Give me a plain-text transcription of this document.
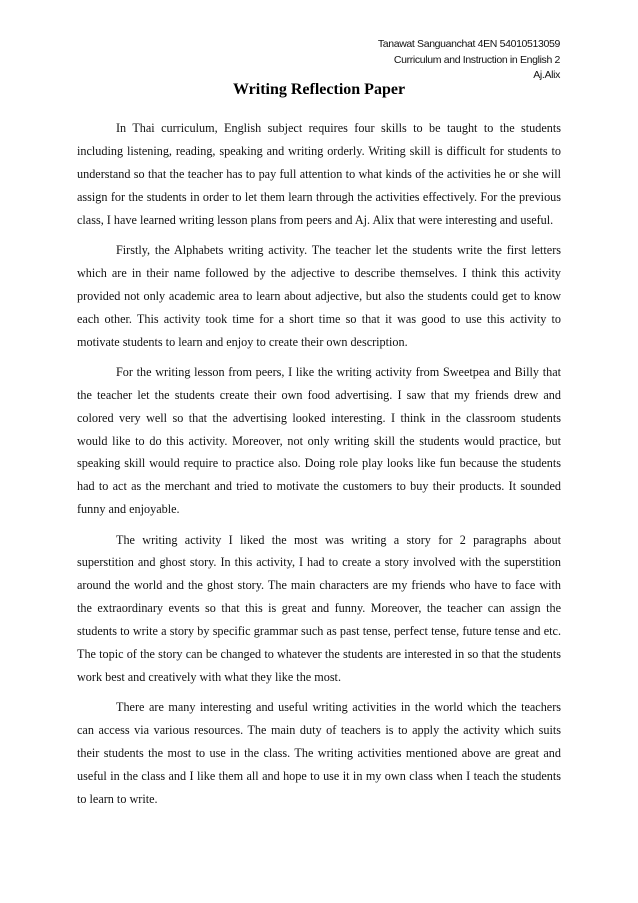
Tanawat Sanguanchat 4EN 54010513059
Curriculum and Instruction in English 2
Aj.Alix
Writing Reflection Paper

In Thai curriculum, English subject requires four skills to be taught to the students including listening, reading, speaking and writing orderly. Writing skill is difficult for students to understand so that the teacher has to pay full attention to what kinds of the activities he or she will assign for the students in order to let them learn through the activities effectively. For the previous class, I have learned writing lesson plans from peers and Aj. Alix that were interesting and useful.

Firstly, the Alphabets writing activity. The teacher let the students write the first letters which are in their name followed by the adjective to describe themselves. I think this activity provided not only academic area to learn about adjective, but also the students could get to know each other. This activity took time for a short time so that it was good to use this activity to motivate students to learn and enjoy to create their own description.

For the writing lesson from peers, I like the writing activity from Sweetpea and Billy that the teacher let the students create their own food advertising. I saw that my friends drew and colored very well so that the advertising looked interesting. I think in the classroom students would like to do this activity. Moreover, not only writing skill the students would practice, but speaking skill would require to practice also. Doing role play looks like fun because the students had to act as the merchant and tried to motivate the customers to buy their products. It sounded funny and enjoyable.

The writing activity I liked the most was writing a story for 2 paragraphs about superstition and ghost story. In this activity, I had to create a story involved with the superstition around the world and the ghost story. The main characters are my friends who have to face with the extraordinary events so that this is great and funny. Moreover, the teacher can assign the students to write a story by specific grammar such as past tense, perfect tense, future tense and etc. The topic of the story can be changed to whatever the students are interested in so that the students work best and creatively with what they like the most.

There are many interesting and useful writing activities in the world which the teachers can access via various resources. The main duty of teachers is to apply the activity which suits their students the most to use in the class. The writing activities mentioned above are great and useful in the class and I like them all and hope to use it in my own class when I teach the students to learn to write.
